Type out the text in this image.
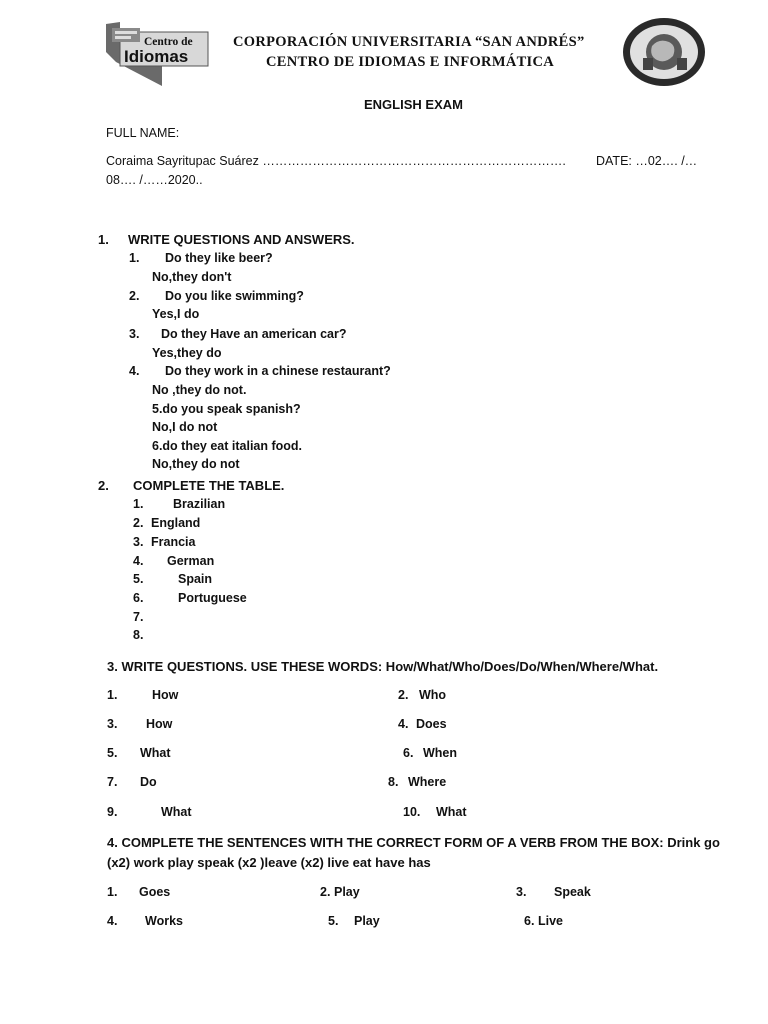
Centro de
Idiomas
CORPORACIÓN UNIVERSITARIA “SAN ANDRÉS”
CENTRO DE IDIOMAS E INFORMÁTICA
ENGLISH EXAM
FULL NAME:
Coraima Sayritupac Suárez ………………………………………………………………. DATE: …02…. /…
08…. /……2020..
1. WRITE QUESTIONS AND ANSWERS.
1. Do they like beer?
No,they don't
2. Do you like swimming?
Yes,I do
3. Do they Have an american car?
Yes,they do
4. Do they work in a chinese restaurant?
No ,they do not.
5.do you speak spanish?
No,I do not
6.do they eat italian food.
No,they do not
2. COMPLETE THE TABLE.
1. Brazilian
2. England
3. Francia
4. German
5.	Spain
6.	Portuguese
7.
8.
3. WRITE QUESTIONS. USE THESE WORDS: How/What/Who/Does/Do/When/Where/What.
1.	How	2. Who
3. How	4. Does
5. What	6. When
7. Do	8. Where
9.	What	10. What
4. COMPLETE THE SENTENCES WITH THE CORRECT FORM OF A VERB FROM THE BOX: Drink go
(x2) work play speak (x2 )leave (x2) live eat have has
1. Goes	2. Play	3. Speak
4. Works	5. Play	6. Live
